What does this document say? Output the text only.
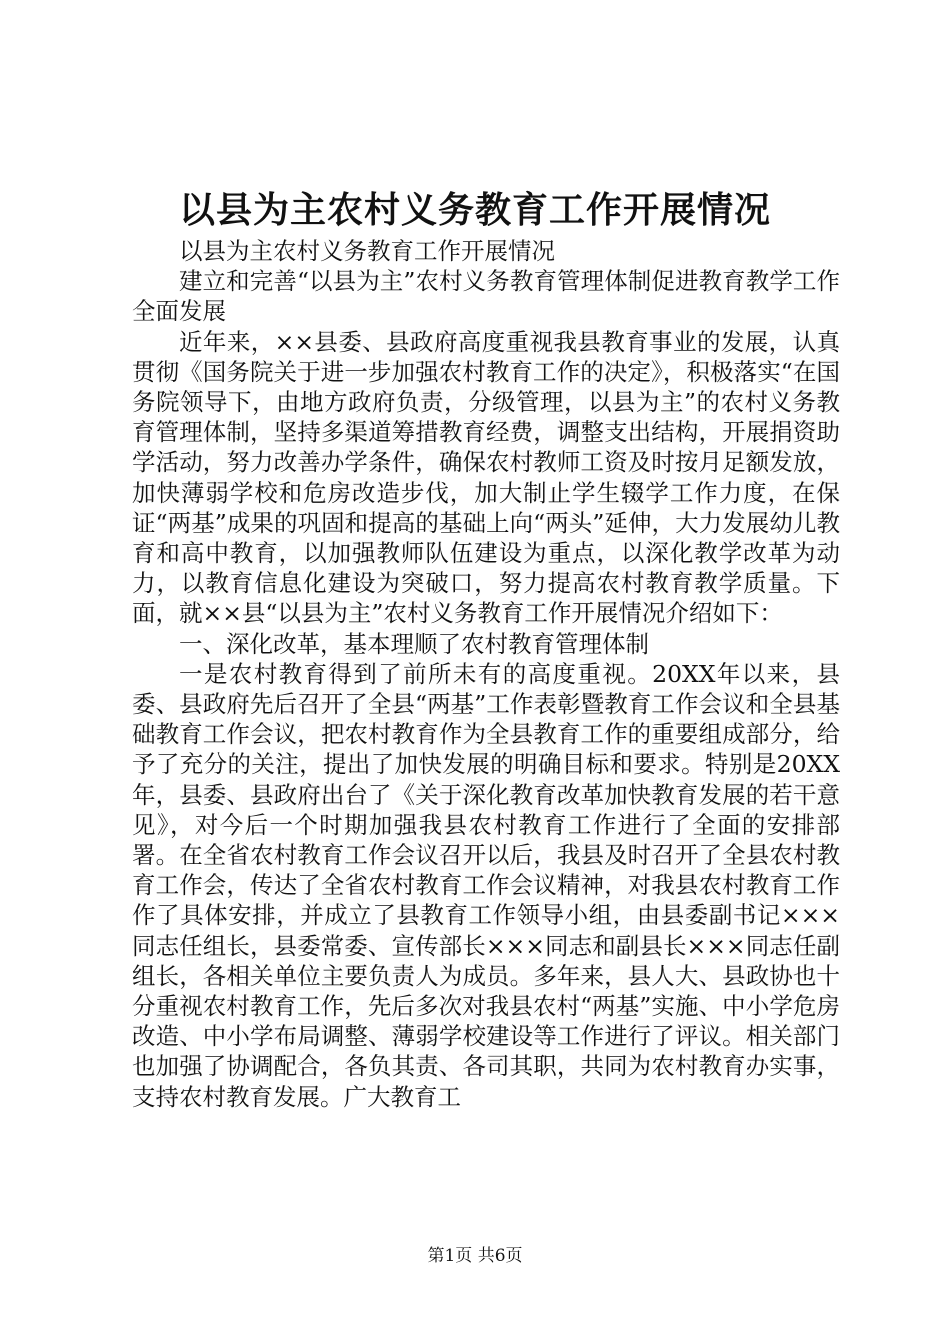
以县为主农村义务教育工作开展情况

以县为主农村义务教育工作开展情况

建立和完善“以县为主”农村义务教育管理体制促进教育教学工作全面发展

近年来，××县委、县政府高度重视我县教育事业的发展，认真贯彻《国务院关于进一步加强农村教育工作的决定》，积极落实“在国务院领导下，由地方政府负责，分级管理，以县为主”的农村义务教育管理体制，坚持多渠道筹措教育经费，调整支出结构，开展捐资助学活动，努力改善办学条件，确保农村教师工资及时按月足额发放，加快薄弱学校和危房改造步伐，加大制止学生辍学工作力度，在保证“两基”成果的巩固和提高的基础上向“两头”延伸，大力发展幼儿教育和高中教育，以加强教师队伍建设为重点，以深化教学改革为动力，以教育信息化建设为突破口，努力提高农村教育教学质量。下面，就××县“以县为主”农村义务教育工作开展情况介绍如下：

一、深化改革，基本理顺了农村教育管理体制

一是农村教育得到了前所未有的高度重视。20XX年以来，县委、县政府先后召开了全县“两基”工作表彰暨教育工作会议和全县基础教育工作会议，把农村教育作为全县教育工作的重要组成部分，给予了充分的关注，提出了加快发展的明确目标和要求。特别是20XX年，县委、县政府出台了《关于深化教育改革加快教育发展的若干意见》，对今后一个时期加强我县农村教育工作进行了全面的安排部署。在全省农村教育工作会议召开以后，我县及时召开了全县农村教育工作会，传达了全省农村教育工作会议精神，对我县农村教育工作作了具体安排，并成立了县教育工作领导小组，由县委副书记×××同志任组长，县委常委、宣传部长×××同志和副县长×××同志任副组长，各相关单位主要负责人为成员。多年来，县人大、县政协也十分重视农村教育工作，先后多次对我县农村“两基”实施、中小学危房改造、中小学布局调整、薄弱学校建设等工作进行了评议。相关部门也加强了协调配合，各负其责、各司其职，共同为农村教育办实事，支持农村教育发展。广大教育工

第1页 共6页
